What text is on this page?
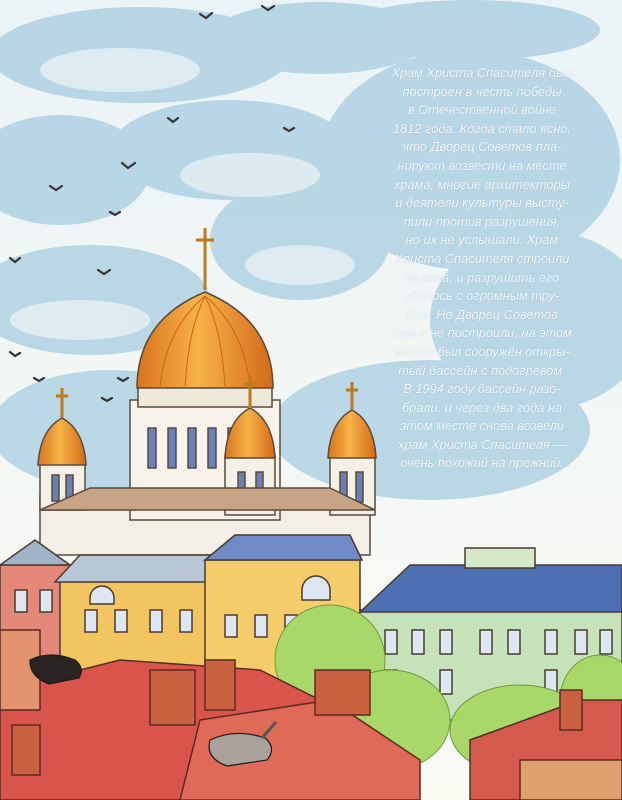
Храм Христа Спасителя был
построен в честь победы
в Отечественной войне
1812 года. Когда стало ясно,
что Дворец Советов пла-
нируют возвести на месте
храма, многие архитекторы
и деятели культуры высту-
пили против разрушения,
но их не услышали. Храм
Христа Спасителя строили
на века́, и разрушить его
удалось с огромным тру-
дом. Но Дворец Советов
так и не построили, на этом
месте был сооружён откры-
тый бассейн с подогревом.
В 1994 году бассейн разо-
брали, и через два года на
этом месте снова возвели
храм Христа Спасителя —
очень похожий на прежний.
